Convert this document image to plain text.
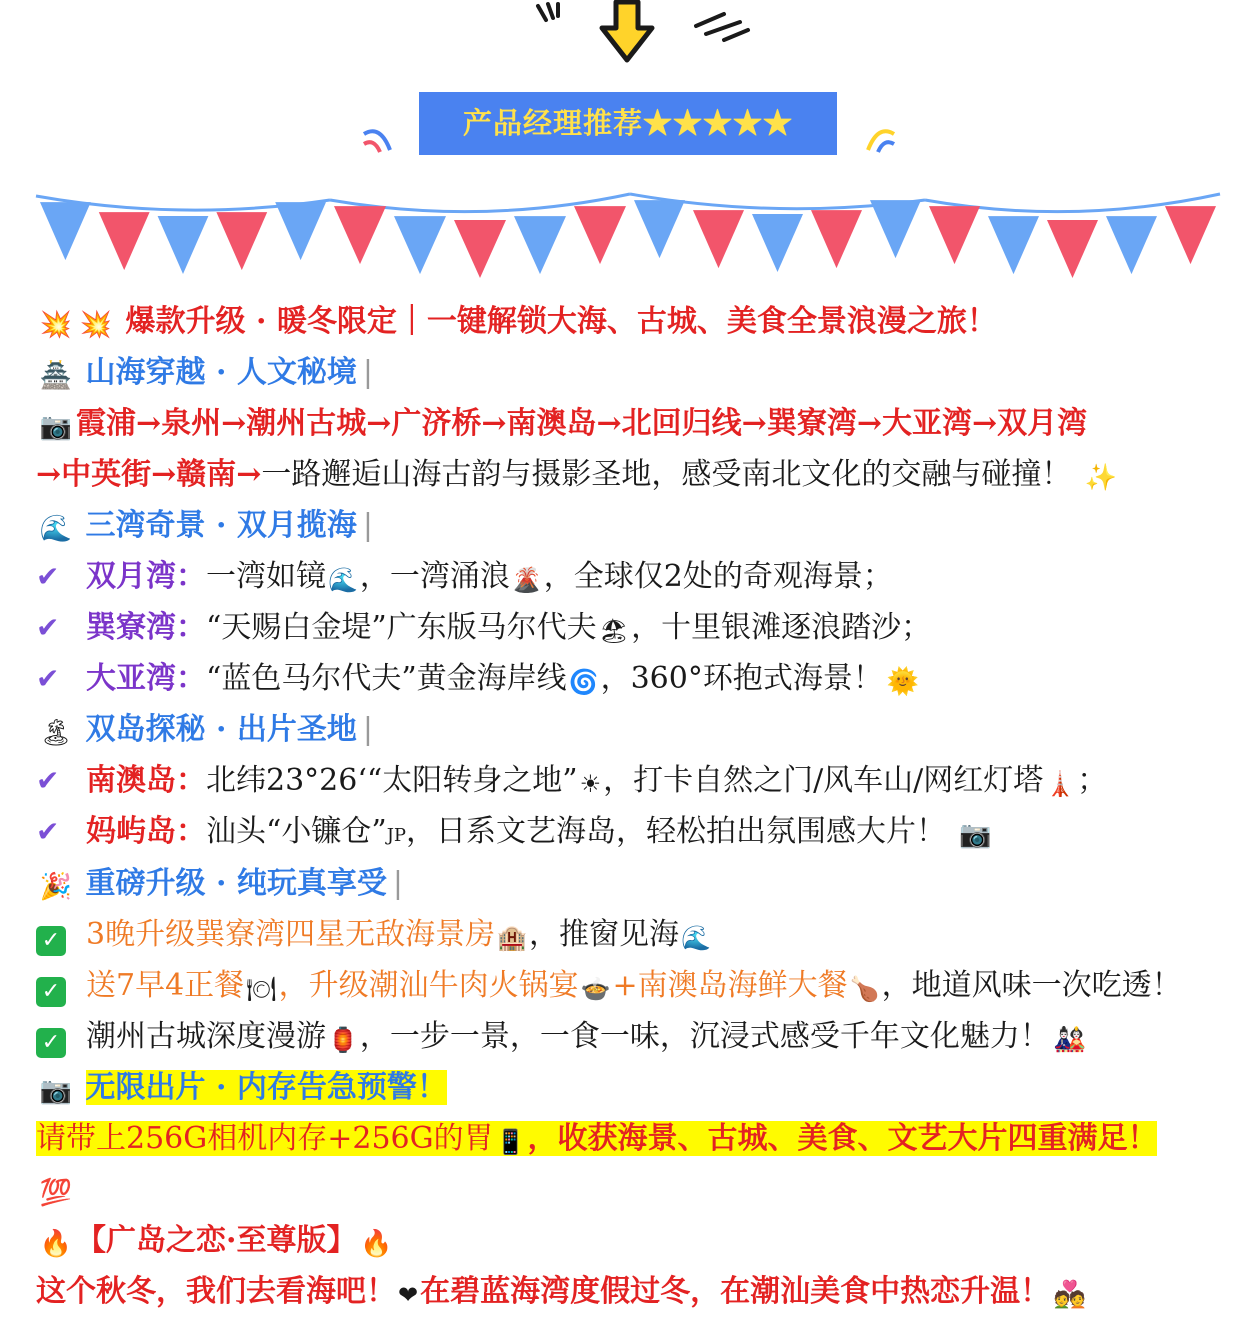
产品经理推荐★★★★★
💥 💥 爆款升级 · 暖冬限定｜一键解锁大海、古城、美食全景浪漫之旅！
🏯 山海穿越 · 人文秘境 |
📷 霞浦→泉州→潮州古城→广济桥→南澳岛→北回归线→巽寮湾→大亚湾→双月湾
→中英街→赣南→一路邂逅山海古韵与摄影圣地，感受南北文化的交融与碰撞！ ✨
🌊 三湾奇景 · 双月揽海 |
✔ 双月湾：一湾如镜🌊，一湾涌浪🌋，全球仅2处的奇观海景；
✔ 巽寮湾：“天赐白金堤”广东版马尔代夫🏖，十里银滩逐浪踏沙；
✔ 大亚湾：“蓝色马尔代夫”黄金海岸线🌀，360°环抱式海景！ 🌞
🏝 双岛探秘 · 出片圣地 |
✔ 南澳岛：北纬23°26‘“太阳转身之地”☀，打卡自然之门/风车山/网红灯塔🗼；
✔ 妈屿岛：汕头“小镰仓”JP，日系文艺海岛，轻松拍出氛围感大片！ 📷
🎉 重磅升级 · 纯玩真享受 |
✓ 3晚升级巽寮湾四星无敌海景房🏨，推窗见海🌊
✓ 送7早4正餐🍽，升级潮汕牛肉火锅宴🍲+南澳岛海鲜大餐🍗，地道风味一次吃透！
✓ 潮州古城深度漫游🏮，一步一景，一食一味，沉浸式感受千年文化魅力！ 🎎
📷 无限出片 · 内存告急预警！
请带上256G相机内存+256G的胃📱，收获海景、古城、美食、文艺大片四重满足！
💯
🔥 【广岛之恋·至尊版】 🔥
这个秋冬，我们去看海吧！❤在碧蓝海湾度假过冬，在潮汕美食中热恋升温！ 💑
